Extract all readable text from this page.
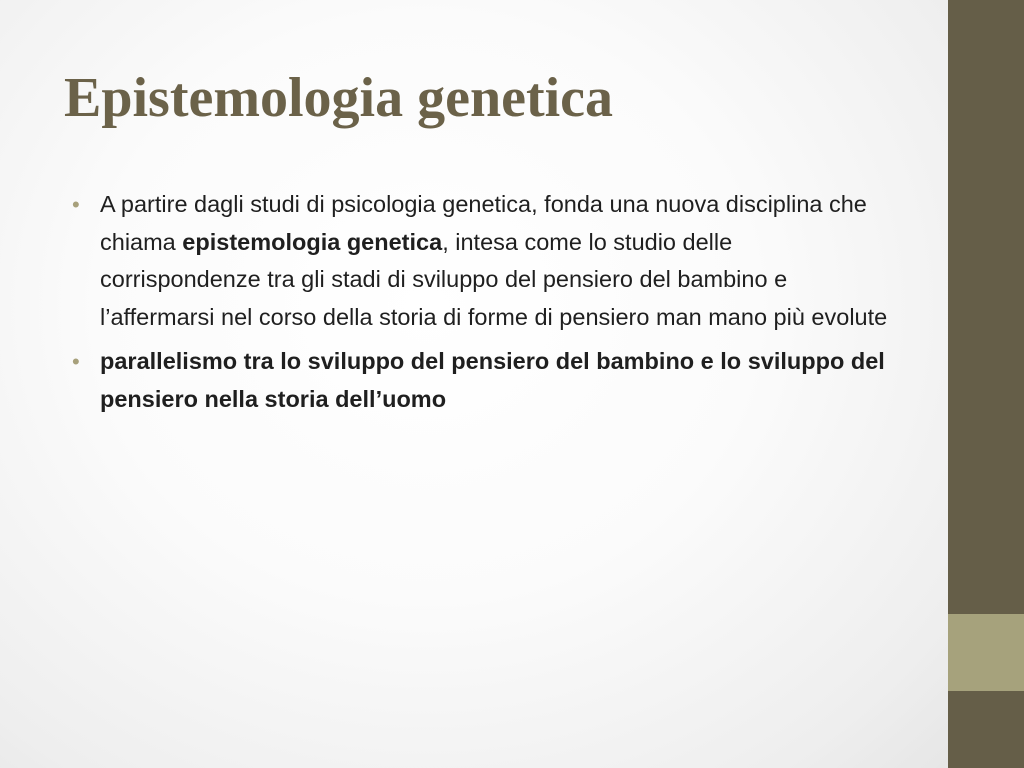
Epistemologia genetica
• A partire dagli studi di psicologia genetica, fonda una nuova disciplina che chiama epistemologia genetica, intesa come lo studio delle corrispondenze tra gli stadi di sviluppo del pensiero del bambino e l’affermarsi nel corso della storia di forme di pensiero man mano più evolute
• parallelismo tra lo sviluppo del pensiero del bambino e lo sviluppo del pensiero nella storia dell’uomo
